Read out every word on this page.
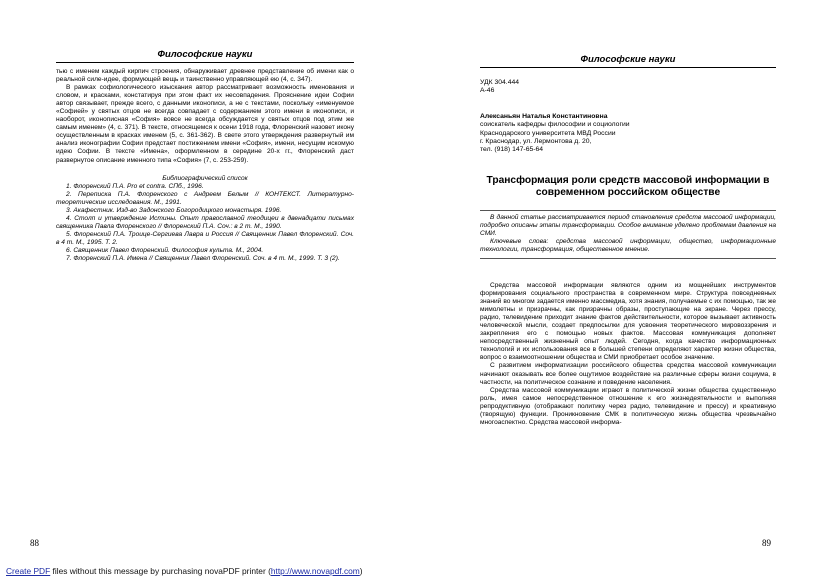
Философские науки

тью с именем каждый кирпич строения, обнаруживает древнее представление об имени как о реальной силе-идее, формующей вещь и таинственно управляющей ею (4, с. 347).

В рамках софиологического изыскания автор рассматривает возможность именования и словом, и красками, констатируя при этом факт их несовпадения. Прояснение идеи Софии автор связывает, прежде всего, с данными иконописи, а не с текстами, поскольку «именуемое «Софией» у святых отцов не всегда совпадает с содержанием этого имени в иконописи, и наоборот, иконописная «София» вовсе не всегда обсуждается у святых отцов под этим же самым именем» (4, с. 371). В тексте, относящемся к осени 1918 года, Флоренский назовет икону осуществленным в красках именем (5, с. 361-362). В свете этого утверждения развернутый им анализ иконографии Софии предстает постижением имени «София», имени, несущим искомую идею Софии. В тексте «Имена», оформленном в середине 20-х гг., Флоренский даст развернутое описание именного типа «София» (7, с. 253-259).

Библиографический список

1. Флоренский П.А. Pro et contra. СПб., 1996.

2. Переписка П.А. Флоренского с Андреем Белым // КОНТЕКСТ. Литературно-теоретические исследования. М., 1991.

3. Акафестник. Изд-во Задонского Богородицкого монастыря. 1996.

4. Столп и утверждение Истины. Опыт православной теодицеи в двенадцати письмах священника Павла Флоренского // Флоренский П.А. Соч.: в 2 т. М., 1990.

5. Флоренский П.А. Троице-Сергиева Лавра и Россия // Священник Павел Флоренский. Соч. в 4 т. М., 1995. Т. 2.

6. Священник Павел Флоренский. Философия культа. М., 2004.

7. Флоренский П.А. Имена // Священник Павел Флоренский. Соч. в 4 т. М., 1999. Т. 3 (2).

88
Философские науки
УДК 304.444
А-46
Алексаньян Наталья Константиновна
соискатель кафедры философии и социологии
Краснодарского университета МВД России
г. Краснодар, ул. Лермонтова д. 20,
тел. (918) 147-65-64
Трансформация роли средств массовой информации в современном российском обществе

В данной статье рассматривается период становления средств массовой информации, подробно описаны этапы трансформации. Особое внимание уделено проблемам давления на СМИ.

Ключевые слова: средства массовой информации, общество, информационные технологии, трансформация, общественное мнение.

Средства массовой информации являются одним из мощнейших инструментов формирования социального пространства в современном мире. Структура повседневных знаний во многом задается именно массмедиа, хотя знания, получаемые с их помощью, так же мимолетны и призрачны, как призрачны образы, проступающие на экране. Через прессу, радио, телевидение приходит знание фактов действительности, которое вызывает активность человеческой мысли, создает предпосылки для усвоения теоретического мировоззрения и закрепления его с помощью новых фактов. Массовая коммуникация дополняет непосредственный жизненный опыт людей. Сегодня, когда качество информационных технологий и их использования все в большей степени определяют характер жизни общества, вопрос о взаимоотношении общества и СМИ приобретает особое значение.

С развитием информатизации российского общества средства массовой коммуникации начинают оказывать все более ощутимое воздействие на различные сферы жизни социума, в частности, на политическое сознание и поведение населения.

Средства массовой коммуникации играют в политической жизни общества существенную роль, имея самое непосредственное отношение к его жизнедеятельности и выполняя репродуктивную (отображают политику через радио, телевидение и прессу) и креативную (творящую) функции. Проникновение СМК в политическую жизнь общества чрезвычайно многоаспектно. Средства массовой информа-

89
Create PDF files without this message by purchasing novaPDF printer (http://www.novapdf.com)
